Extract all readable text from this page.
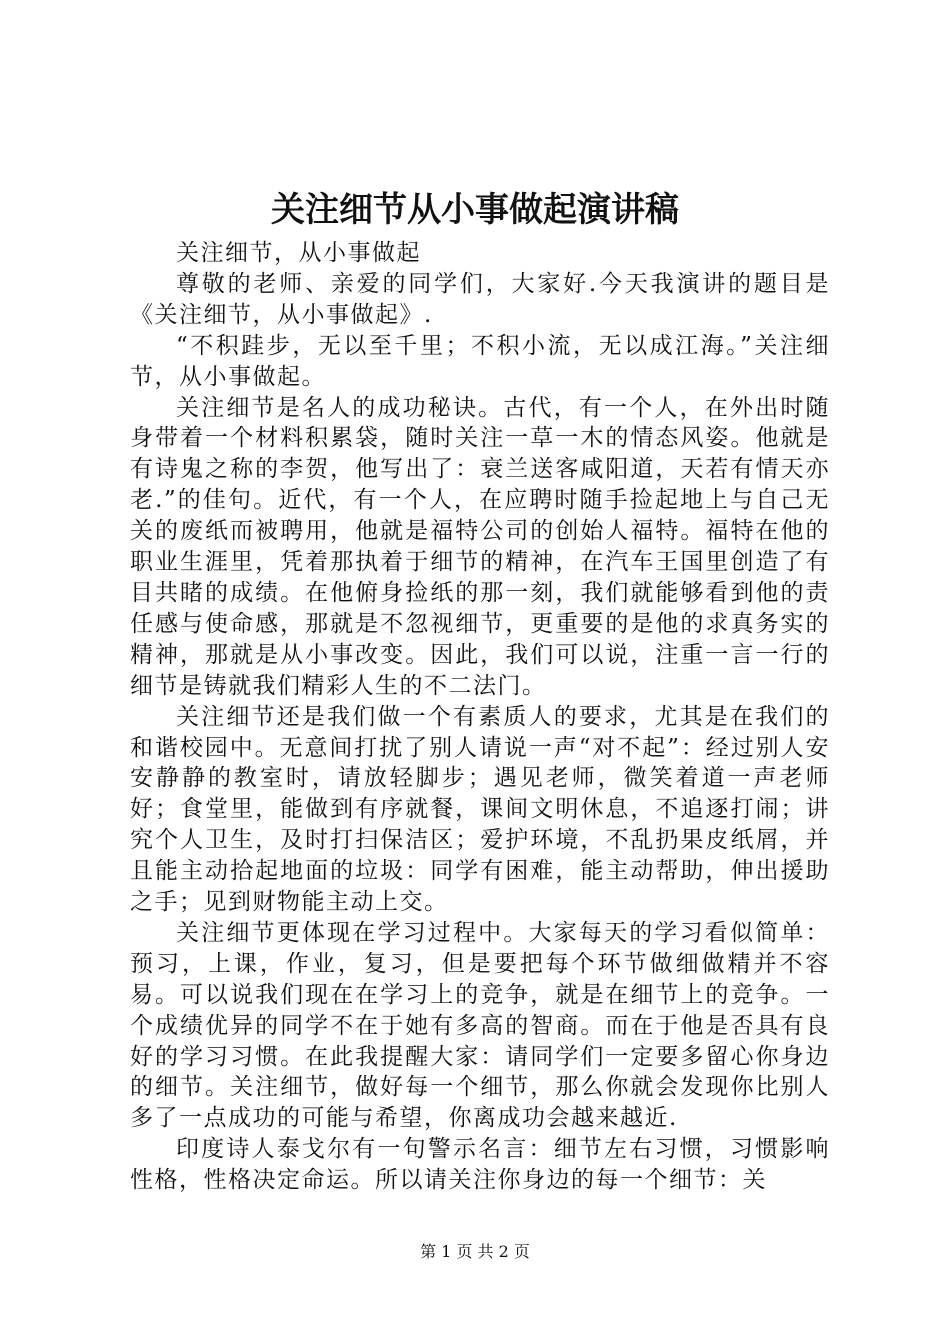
关注细节从小事做起演讲稿

关注细节，从小事做起

尊敬的老师、亲爱的同学们，大家好.今天我演讲的题目是《关注细节，从小事做起》.

“不积跬步，无以至千里；不积小流，无以成江海。”关注细节，从小事做起。

关注细节是名人的成功秘诀。古代，有一个人，在外出时随身带着一个材料积累袋，随时关注一草一木的情态风姿。他就是有诗鬼之称的李贺，他写出了：衰兰送客咸阳道，天若有情天亦老.”的佳句。近代，有一个人，在应聘时随手捡起地上与自己无关的废纸而被聘用，他就是福特公司的创始人福特。福特在他的职业生涯里，凭着那执着于细节的精神，在汽车王国里创造了有目共睹的成绩。在他俯身捡纸的那一刻，我们就能够看到他的责任感与使命感，那就是不忽视细节，更重要的是他的求真务实的精神，那就是从小事改变。因此，我们可以说，注重一言一行的细节是铸就我们精彩人生的不二法门。

关注细节还是我们做一个有素质人的要求，尤其是在我们的和谐校园中。无意间打扰了别人请说一声“对不起”：经过别人安安静静的教室时，请放轻脚步；遇见老师，微笑着道一声老师好；食堂里，能做到有序就餐，课间文明休息，不追逐打闹；讲究个人卫生，及时打扫保洁区；爱护环境，不乱扔果皮纸屑，并且能主动拾起地面的垃圾：同学有困难，能主动帮助，伸出援助之手；见到财物能主动上交。

关注细节更体现在学习过程中。大家每天的学习看似简单：预习，上课，作业，复习，但是要把每个环节做细做精并不容易。可以说我们现在在学习上的竞争，就是在细节上的竞争。一个成绩优异的同学不在于她有多高的智商。而在于他是否具有良好的学习习惯。在此我提醒大家：请同学们一定要多留心你身边的细节。关注细节，做好每一个细节，那么你就会发现你比别人多了一点成功的可能与希望，你离成功会越来越近.

印度诗人泰戈尔有一句警示名言：细节左右习惯，习惯影响性格，性格决定命运。所以请关注你身边的每一个细节：关

第 1 页 共 2 页
